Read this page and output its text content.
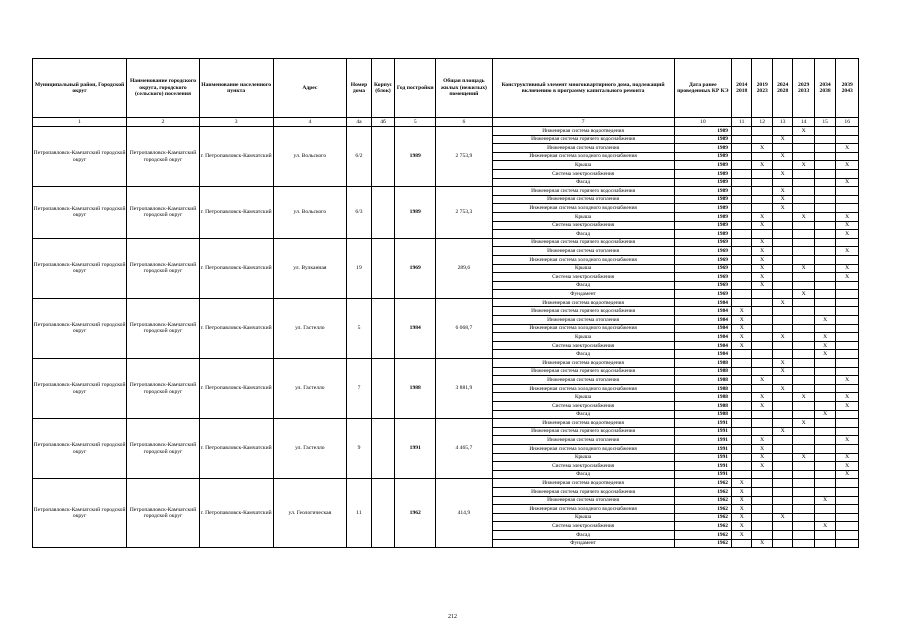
Муниципальный район, Городской округ	Наименование городского округа, городского (сельского) поселения	Наименование населенного пункта	Адрес	Номер дома	Корпус (блок)	Год постройки	Общая площадь жилых (нежилых) помещений	Конструктивный элемент многоквартирного дома, подлежащий включению в программу капитального ремонта	Дата ранее проведенных КР КЭ	2014 2018	2019 2023	2024 2028	2029 2033	2034 2038	2039 2043
1	2	3	4	4а	4б	5	6	7	10	11	12	13	14	15	16
Петропавловск-Камчатский городской округ	Петропавловск-Камчатский городской округ	г. Петропавловск-Камчатский	ул. Вольского	6/2		1989	2 753,9	Инженерная система водоотведения	1989				X		
								Инженерная система горячего водоснабжения	1989			X			
								Инженерная система отопления	1989		X				X
								Инженерная система холодного водоснабжения	1989			X			
								Крыша	1989		X		X		X
								Система электроснабжения	1989			X			
								Фасад	1989						X
Петропавловск-Камчатский городской округ	Петропавловск-Камчатский городской округ	г. Петропавловск-Камчатский	ул. Вольского	6/3		1989	2 753,3	Инженерная система горячего водоснабжения	1989			X			
								Инженерная система отопления	1989			X			
								Инженерная система холодного водоснабжения	1989			X			
								Крыша	1989		X		X		X
								Система электроснабжения	1989		X				X
								Фасад	1989						X
Петропавловск-Камчатский городской округ	Петропавловск-Камчатский городской округ	г. Петропавловск-Камчатский	ул. Вулканная	19		1969	289,6	Инженерная система горячего водоснабжения	1969		X				
								Инженерная система отопления	1969		X				X
								Инженерная система холодного водоснабжения	1969		X				
								Крыша	1969		X		X		X
								Система электроснабжения	1969		X				X
								Фасад	1969		X				
								Фундамент	1969				X		
Петропавловск-Камчатский городской округ	Петропавловск-Камчатский городской округ	г. Петропавловск-Камчатский	ул. Гастелло	5		1984	6 068,7	Инженерная система водоотведения	1984			X			
								Инженерная система горячего водоснабжения	1984	X					
								Инженерная система отопления	1984	X				X	
								Инженерная система холодного водоснабжения	1984	X					
								Крыша	1984	X		X		X	
								Система электроснабжения	1984	X				X	
								Фасад	1984					X	
Петропавловск-Камчатский городской округ	Петропавловск-Камчатский городской округ	г. Петропавловск-Камчатский	ул. Гастелло	7		1988	3 881,9	Инженерная система водоотведения	1988			X			
								Инженерная система горячего водоснабжения	1988			X			
								Инженерная система отопления	1988		X				X
								Инженерная система холодного водоснабжения	1988			X			
								Крыша	1988		X		X		X
								Система электроснабжения	1988		X				X
								Фасад	1988					X	
Петропавловск-Камчатский городской округ	Петропавловск-Камчатский городской округ	г. Петропавловск-Камчатский	ул. Гастелло	9		1991	4 465,7	Инженерная система водоотведения	1991				X		
								Инженерная система горячего водоснабжения	1991			X			
								Инженерная система отопления	1991		X				X
								Инженерная система холодного водоснабжения	1991		X				
								Крыша	1991		X		X		X
								Система электроснабжения	1991		X				X
								Фасад	1991						X
Петропавловск-Камчатский городской округ	Петропавловск-Камчатский городской округ	г. Петропавловск-Камчатский	ул. Геологическая	11		1962	414,9	Инженерная система водоотведения	1962	X					
								Инженерная система горячего водоснабжения	1962	X					
								Инженерная система отопления	1962	X				X	
								Инженерная система холодного водоснабжения	1962	X					
								Крыша	1962	X		X			
								Система электроснабжения	1962	X				X	
								Фасад	1962	X					
								Фундамент	1962		X				
212
